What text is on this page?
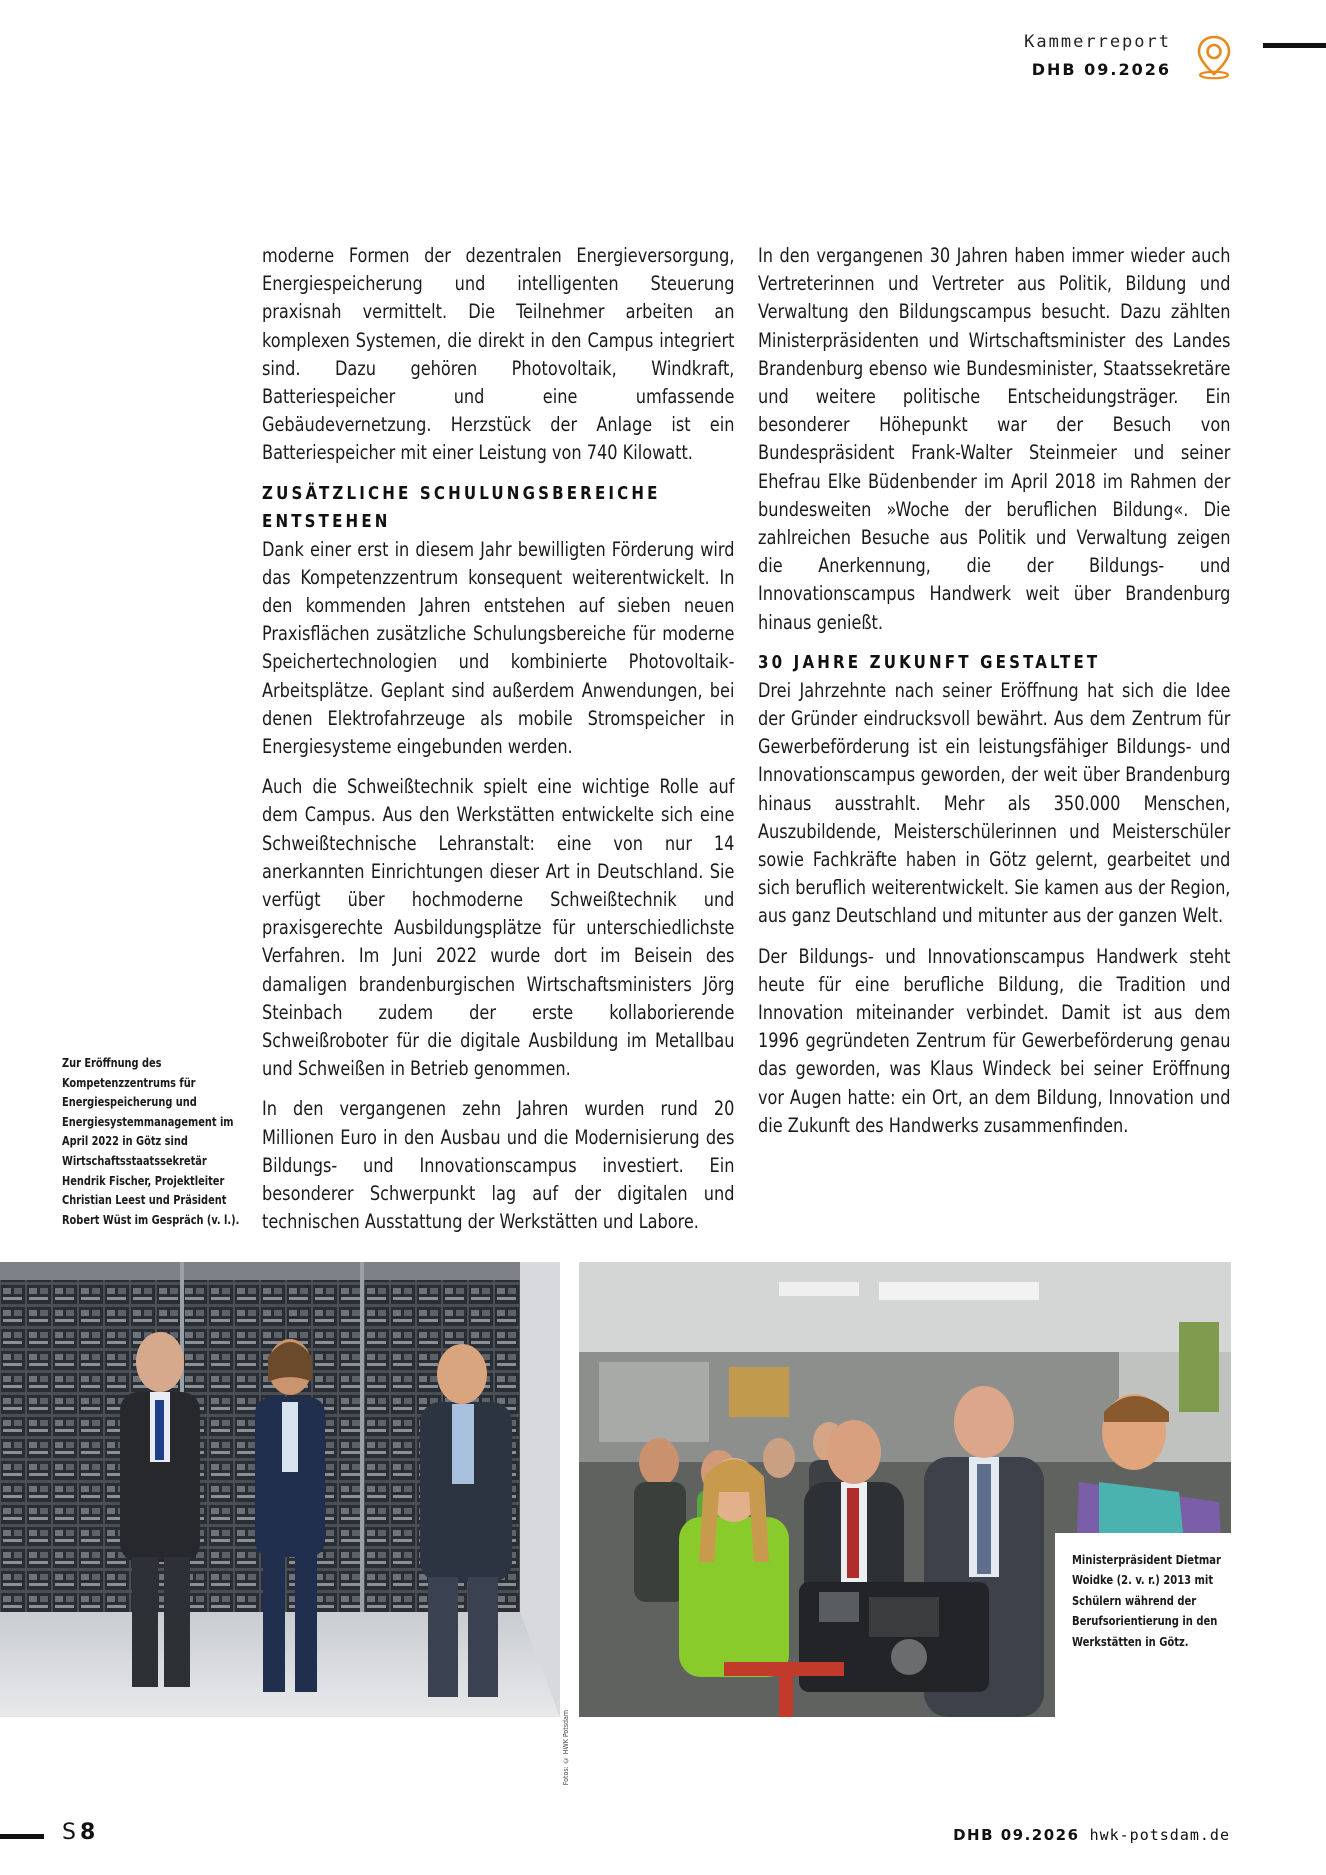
Kammerreport
DHB 09.2026

moderne Formen der dezentralen Energieversorgung, Energiespeicherung und intelligenten Steuerung praxisnah vermittelt. Die Teilnehmer arbeiten an komplexen Systemen, die direkt in den Campus integriert sind. Dazu gehören Photovoltaik, Windkraft, Batteriespeicher und eine umfassende Gebäudevernetzung. Herzstück der Anlage ist ein Batteriespeicher mit einer Leistung von 740 Kilowatt.

ZUSÄTZLICHE SCHULUNGSBEREICHE ENTSTEHEN

Dank einer erst in diesem Jahr bewilligten Förderung wird das Kompetenzzentrum konsequent weiterentwickelt. In den kommenden Jahren entstehen auf sieben neuen Praxisflächen zusätzliche Schulungsbereiche für moderne Speichertechnologien und kombinierte Photovoltaik-Arbeitsplätze. Geplant sind außerdem Anwendungen, bei denen Elektrofahrzeuge als mobile Stromspeicher in Energiesysteme eingebunden werden.

Auch die Schweißtechnik spielt eine wichtige Rolle auf dem Campus. Aus den Werkstätten entwickelte sich eine Schweißtechnische Lehranstalt: eine von nur 14 anerkannten Einrichtungen dieser Art in Deutschland. Sie verfügt über hochmoderne Schweißtechnik und praxisgerechte Ausbildungsplätze für unterschiedlichste Verfahren. Im Juni 2022 wurde dort im Beisein des damaligen brandenburgischen Wirtschaftsministers Jörg Steinbach zudem der erste kollaborierende Schweißroboter für die digitale Ausbildung im Metallbau und Schweißen in Betrieb genommen.

In den vergangenen zehn Jahren wurden rund 20 Millionen Euro in den Ausbau und die Modernisierung des Bildungs- und Innovationscampus investiert. Ein besonderer Schwerpunkt lag auf der digitalen und technischen Ausstattung der Werkstätten und Labore.

In den vergangenen 30 Jahren haben immer wieder auch Vertreterinnen und Vertreter aus Politik, Bildung und Verwaltung den Bildungscampus besucht. Dazu zählten Ministerpräsidenten und Wirtschaftsminister des Landes Brandenburg ebenso wie Bundesminister, Staatssekretäre und weitere politische Entscheidungsträger. Ein besonderer Höhepunkt war der Besuch von Bundespräsident Frank-Walter Steinmeier und seiner Ehefrau Elke Büdenbender im April 2018 im Rahmen der bundesweiten »Woche der beruflichen Bildung«. Die zahlreichen Besuche aus Politik und Verwaltung zeigen die Anerkennung, die der Bildungs- und Innovationscampus Handwerk weit über Brandenburg hinaus genießt.

30 JAHRE ZUKUNFT GESTALTET

Drei Jahrzehnte nach seiner Eröffnung hat sich die Idee der Gründer eindrucksvoll bewährt. Aus dem Zentrum für Gewerbeförderung ist ein leistungsfähiger Bildungs- und Innovationscampus geworden, der weit über Brandenburg hinaus ausstrahlt. Mehr als 350.000 Menschen, Auszubildende, Meisterschülerinnen und Meisterschüler sowie Fachkräfte haben in Götz gelernt, gearbeitet und sich beruflich weiterentwickelt. Sie kamen aus der Region, aus ganz Deutschland und mitunter aus der ganzen Welt.

Der Bildungs- und Innovationscampus Handwerk steht heute für eine berufliche Bildung, die Tradition und Innovation miteinander verbindet. Damit ist aus dem 1996 gegründeten Zentrum für Gewerbeförderung genau das geworden, was Klaus Windeck bei seiner Eröffnung vor Augen hatte: ein Ort, an dem Bildung, Innovation und die Zukunft des Handwerks zusammenfinden.

Zur Eröffnung des Kompetenzzentrums für Energiespeicherung und Energiesystemmanagement im April 2022 in Götz sind Wirtschaftsstaatssekretär Hendrik Fischer, Projektleiter Christian Leest und Präsident Robert Wüst im Gespräch (v. l.).
Fotos: © HWK Potsdam
Ministerpräsident Dietmar Woidke (2. v. r.) 2013 mit Schülern während der Berufsorientierung in den Werkstätten in Götz.
S8	DHB 09.2026 hwk-potsdam.de
